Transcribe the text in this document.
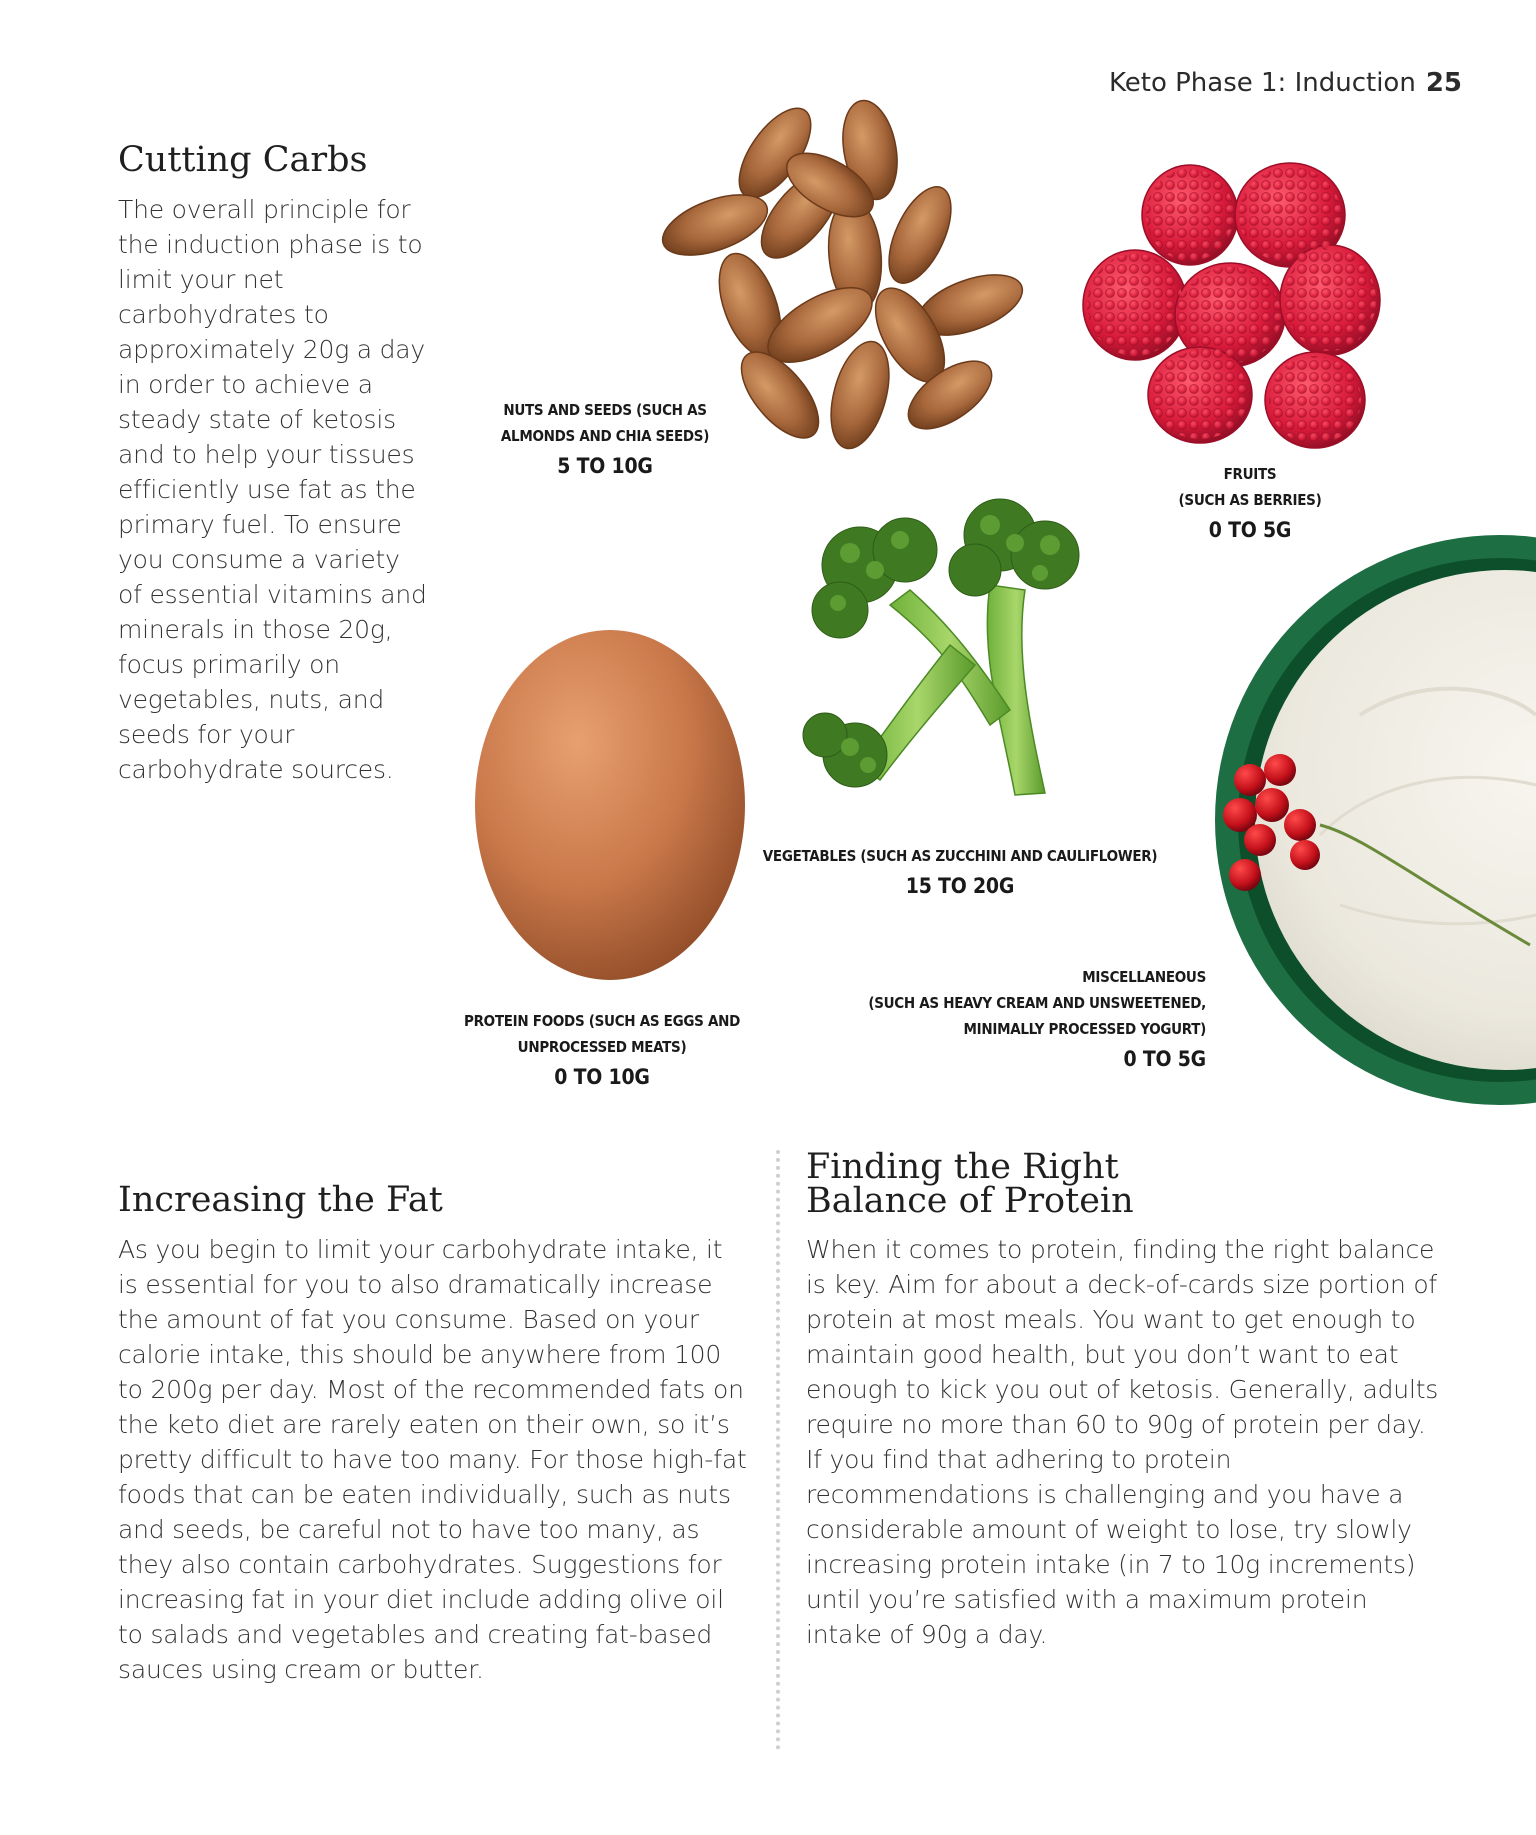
Keto Phase 1: Induction 25
Cutting Carbs
The overall principle for the induction phase is to limit your net carbohydrates to approximately 20g a day in order to achieve a steady state of ketosis and to help your tissues efficiently use fat as the primary fuel. To ensure you consume a variety of essential vitamins and minerals in those 20g, focus primarily on vegetables, nuts, and seeds for your carbohydrate sources.
NUTS AND SEEDS (SUCH AS
ALMONDS AND CHIA SEEDS)
5 TO 10G	FRUITS
(SUCH AS BERRIES)
0 TO 5G
VEGETABLES (SUCH AS ZUCCHINI AND CAULIFLOWER)
15 TO 20G
PROTEIN FOODS (SUCH AS EGGS AND
UNPROCESSED MEATS)
0 TO 10G
MISCELLANEOUS
(SUCH AS HEAVY CREAM AND UNSWEETENED,
MINIMALLY PROCESSED YOGURT)
0 TO 5G
Increasing the Fat
As you begin to limit your carbohydrate intake, it is essential for you to also dramatically increase the amount of fat you consume. Based on your calorie intake, this should be anywhere from 100 to 200g per day. Most of the recommended fats on the keto diet are rarely eaten on their own, so it’s pretty difficult to have too many. For those high-fat foods that can be eaten individually, such as nuts and seeds, be careful not to have too many, as they also contain carbohydrates. Suggestions for increasing fat in your diet include adding olive oil to salads and vegetables and creating fat-based sauces using cream or butter.
Finding the Right
Balance of Protein
When it comes to protein, finding the right balance is key. Aim for about a deck-of-cards size portion of protein at most meals. You want to get enough to maintain good health, but you don’t want to eat enough to kick you out of ketosis. Generally, adults require no more than 60 to 90g of protein per day. If you find that adhering to protein recommendations is challenging and you have a considerable amount of weight to lose, try slowly increasing protein intake (in 7 to 10g increments) until you’re satisfied with a maximum protein intake of 90g a day.
